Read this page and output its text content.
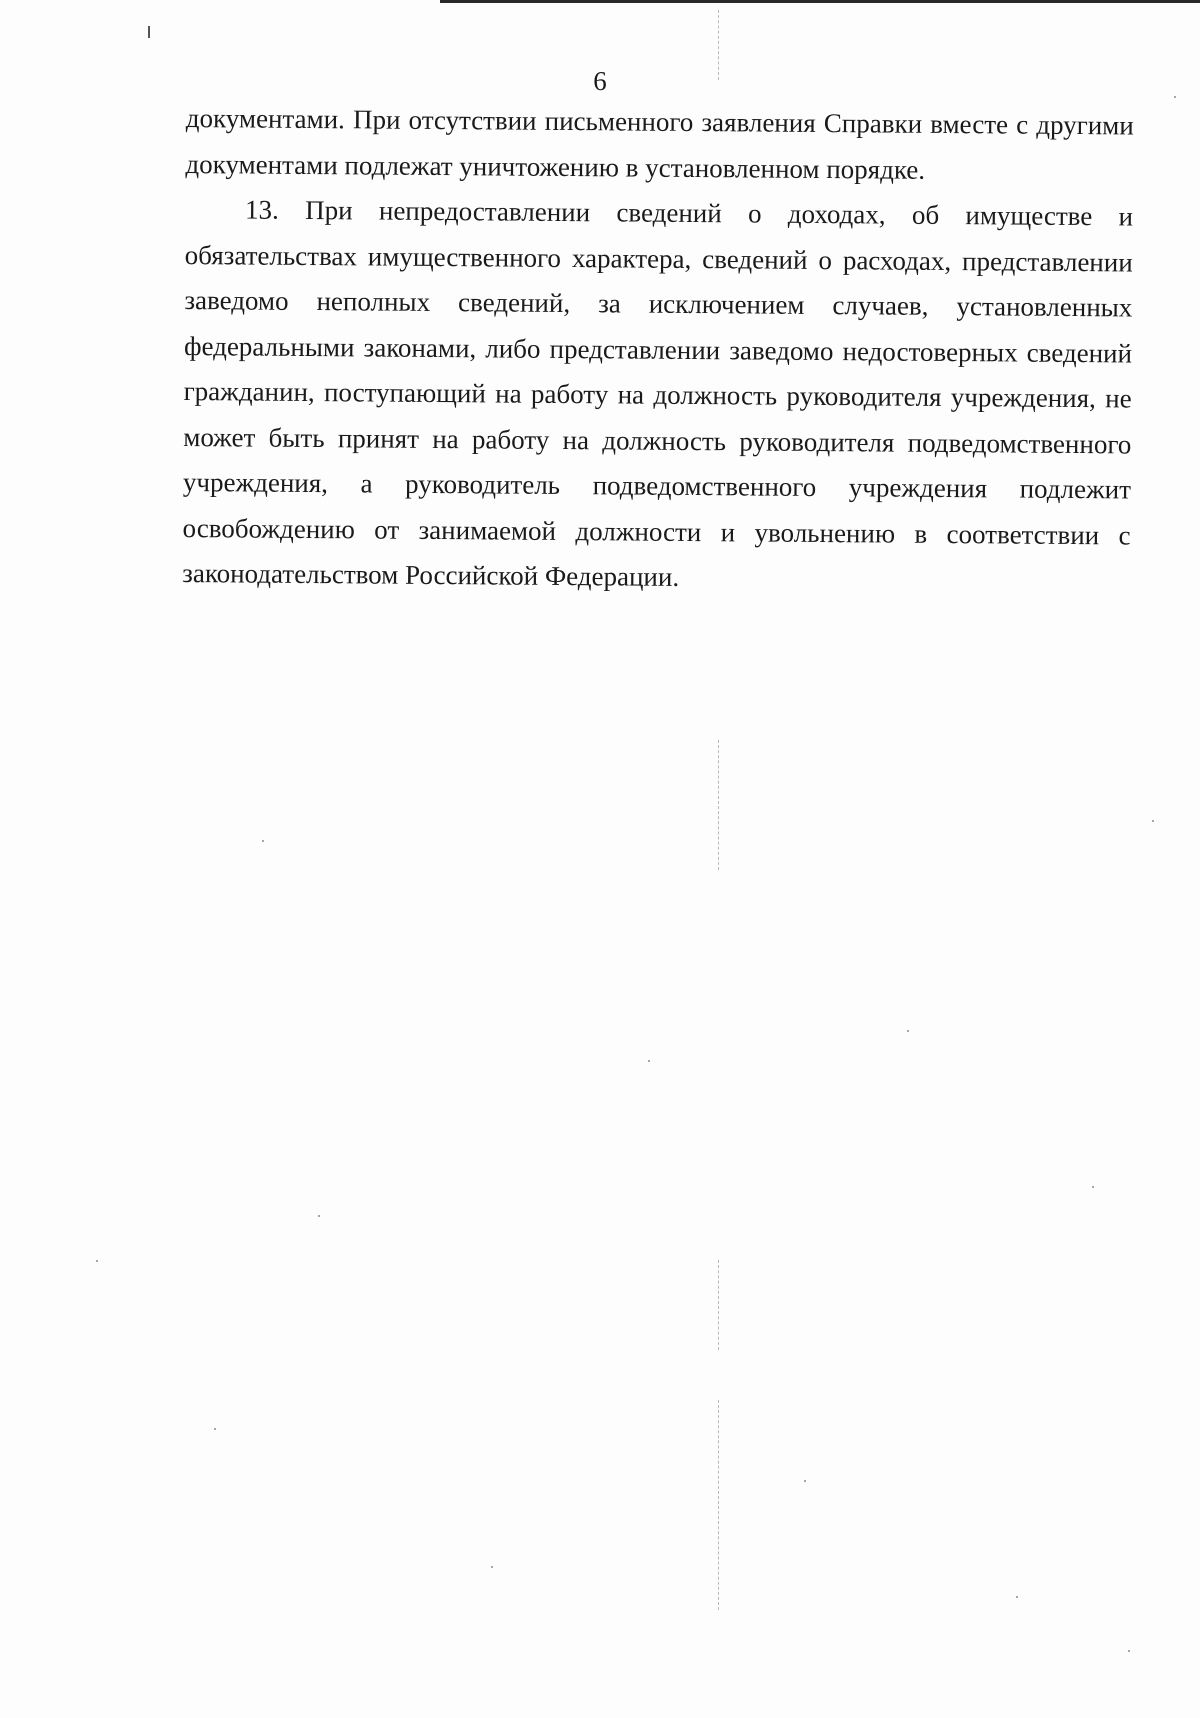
6

документами. При отсутствии письменного заявления Справки вместе с другими документами подлежат уничтожению в установленном порядке.

13. При непредоставлении сведений о доходах, об имуществе и обязательствах имущественного характера, сведений о расходах, представлении заведомо неполных сведений, за исключением случаев, установленных федеральными законами, либо представлении заведомо недостоверных сведений гражданин, поступающий на работу на должность руководителя учреждения, не может быть принят на работу на должность руководителя подведомственного учреждения, а руководитель подведомственного учреждения подлежит освобождению от занимаемой должности и увольнению в соответствии с законодательством Российской Федерации.
